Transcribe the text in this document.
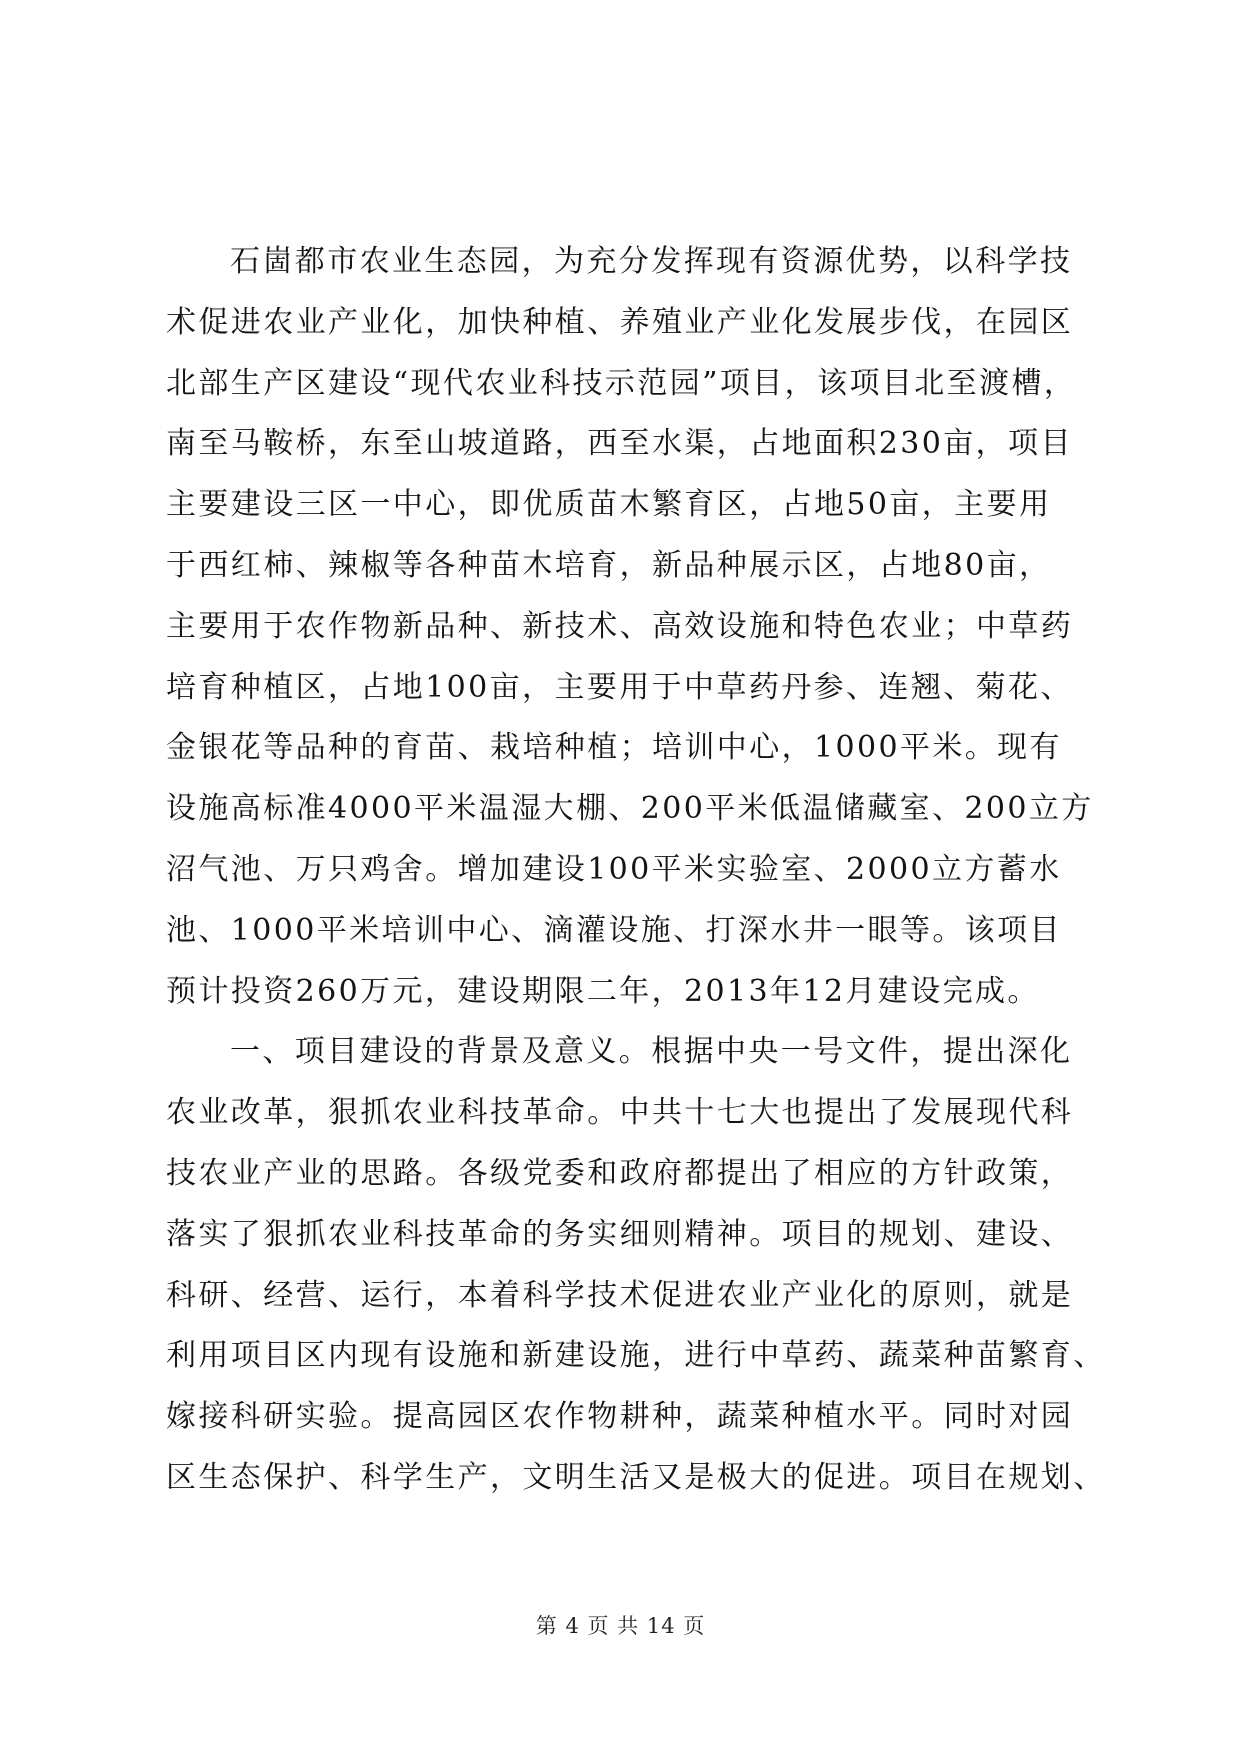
石崮都市农业生态园，为充分发挥现有资源优势，以科学技
术促进农业产业化，加快种植、养殖业产业化发展步伐，在园区
北部生产区建设“现代农业科技示范园”项目，该项目北至渡槽，
南至马鞍桥，东至山坡道路，西至水渠，占地面积230亩，项目
主要建设三区一中心，即优质苗木繁育区，占地50亩，主要用
于西红柿、辣椒等各种苗木培育，新品种展示区，占地80亩，
主要用于农作物新品种、新技术、高效设施和特色农业；中草药
培育种植区，占地100亩，主要用于中草药丹参、连翘、菊花、
金银花等品种的育苗、栽培种植；培训中心，1000平米。现有
设施高标准4000平米温湿大棚、200平米低温储藏室、200立方
沼气池、万只鸡舍。增加建设100平米实验室、2000立方蓄水
池、1000平米培训中心、滴灌设施、打深水井一眼等。该项目
预计投资260万元，建设期限二年，2013年12月建设完成。
一、项目建设的背景及意义。根据中央一号文件，提出深化
农业改革，狠抓农业科技革命。中共十七大也提出了发展现代科
技农业产业的思路。各级党委和政府都提出了相应的方针政策，
落实了狠抓农业科技革命的务实细则精神。项目的规划、建设、
科研、经营、运行，本着科学技术促进农业产业化的原则，就是
利用项目区内现有设施和新建设施，进行中草药、蔬菜种苗繁育、
嫁接科研实验。提高园区农作物耕种，蔬菜种植水平。同时对园
区生态保护、科学生产，文明生活又是极大的促进。项目在规划、
第 4 页 共 14 页
